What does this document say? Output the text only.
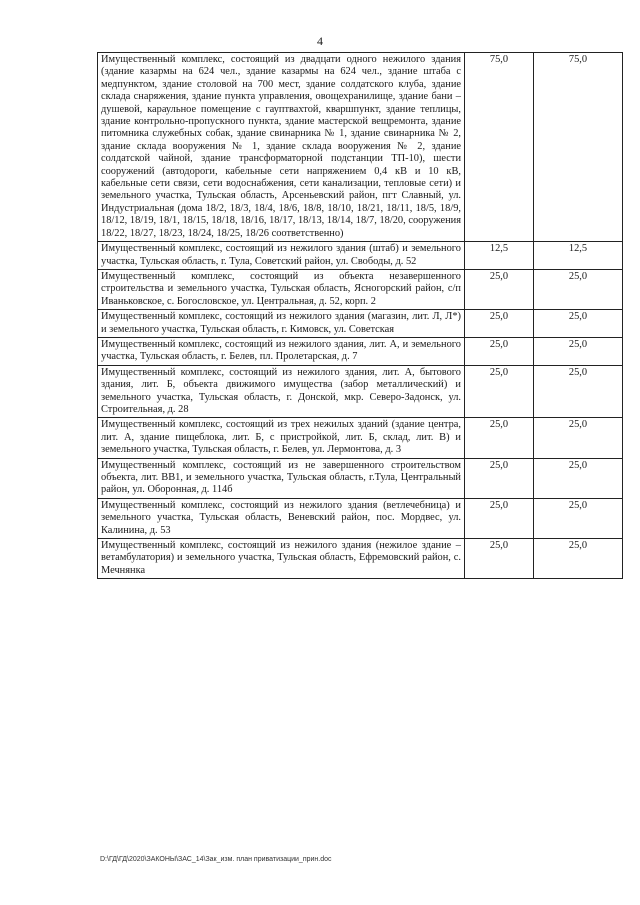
4
Имущественный комплекс, состоящий из двадцати одного нежилого здания (здание казармы на 624 чел., здание казармы на 624 чел., здание штаба с медпунктом, здание столовой на 700 мест, здание солдатского клуба, здание склада снаряжения, здание пункта управления, овощехранилище, здание бани – душевой, караульное помещение с гауптвахтой, кваршпункт, здание теплицы, здание контрольно-пропускного пункта, здание мастерской вещремонта, здание питомника служебных собак, здание свинарника № 1, здание свинарника № 2, здание склада вооружения № 1, здание склада вооружения № 2, здание солдатской чайной, здание трансформаторной подстанции ТП-10), шести сооружений (автодороги, кабельные сети напряжением 0,4 кВ и 10 кВ, кабельные сети связи, сети водоснабжения, сети канализации, тепловые сети) и земельного участка, Тульская область, Арсеньевский район, пгт Славный, ул. Индустриальная (дома 18/2, 18/3, 18/4, 18/6, 18/8, 18/10, 18/21, 18/11, 18/5, 18/9, 18/12, 18/19, 18/1, 18/15, 18/18, 18/16, 18/17, 18/13, 18/14, 18/7, 18/20, сооружения 18/22, 18/27, 18/23, 18/24, 18/25, 18/26 соответственно)	75,0	75,0
Имущественный комплекс, состоящий из нежилого здания (штаб) и земельного участка, Тульская область, г. Тула, Советский район, ул. Свободы, д. 52	12,5	12,5
Имущественный комплекс, состоящий из объекта незавершенного строительства и земельного участка, Тульская область, Ясногорский район, с/п Иваньковское, с. Богословское, ул. Центральная, д. 52, корп. 2	25,0	25,0
Имущественный комплекс, состоящий из нежилого здания (магазин, лит. Л, Л*) и земельного участка, Тульская область, г. Кимовск, ул. Советская	25,0	25,0
Имущественный комплекс, состоящий из нежилого здания, лит. А, и земельного участка, Тульская область, г. Белев, пл. Пролетарская, д. 7	25,0	25,0
Имущественный комплекс, состоящий из нежилого здания, лит. А, бытового здания, лит. Б, объекта движимого имущества (забор металлический) и земельного участка, Тульская область, г. Донской, мкр. Северо-Задонск, ул. Строительная, д. 28	25,0	25,0
Имущественный комплекс, состоящий из трех нежилых зданий (здание центра, лит. А, здание пищеблока, лит. Б, с пристройкой, лит. Б, склад, лит. В) и земельного участка, Тульская область, г. Белев, ул. Лермонтова, д. 3	25,0	25,0
Имущественный комплекс, состоящий из не завершенного строительством объекта, лит. ВВ1, и земельного участка, Тульская область, г.Тула, Центральный район, ул. Оборонная, д. 114б	25,0	25,0
Имущественный комплекс, состоящий из нежилого здания (ветлечебница) и земельного участка, Тульская область, Веневский район, пос. Мордвес, ул. Калинина, д. 53	25,0	25,0
Имущественный комплекс, состоящий из нежилого здания (нежилое здание – ветамбулатория) и земельного участка, Тульская область, Ефремовский район, с. Мечнянка	25,0	25,0
D:\ГД\ГД\2020\ЗАКОНЫ\ЗАС_14\Зак_изм. план приватизации_прин.doc
